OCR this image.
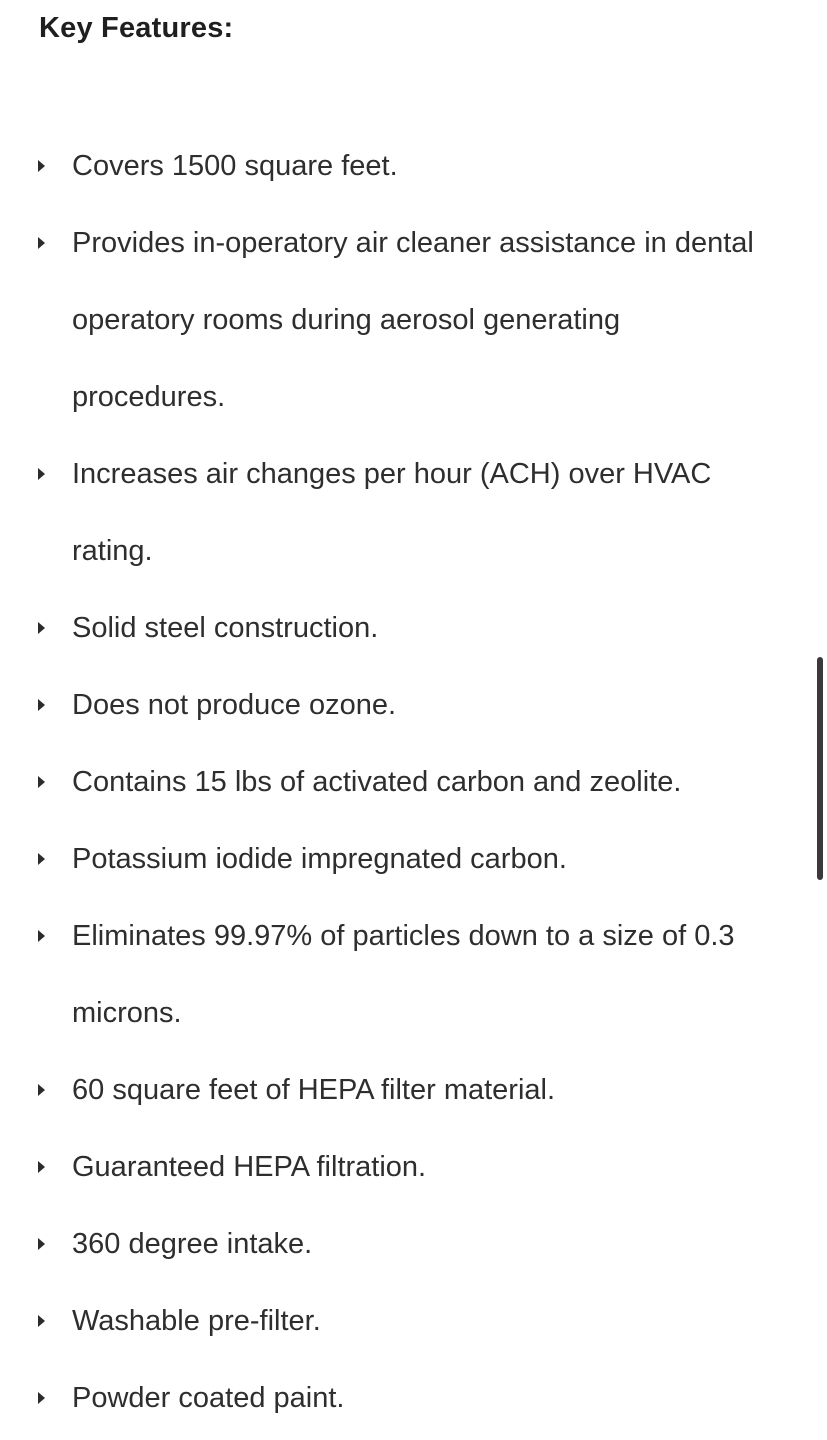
Key Features:
Covers 1500 square feet.
Provides in-operatory air cleaner assistance in dental operatory rooms during aerosol generating procedures.
Increases air changes per hour (ACH) over HVAC rating.
Solid steel construction.
Does not produce ozone.
Contains 15 lbs of activated carbon and zeolite.
Potassium iodide impregnated carbon.
Eliminates 99.97% of particles down to a size of 0.3 microns.
60 square feet of HEPA filter material.
Guaranteed HEPA filtration.
360 degree intake.
Washable pre-filter.
Powder coated paint.
